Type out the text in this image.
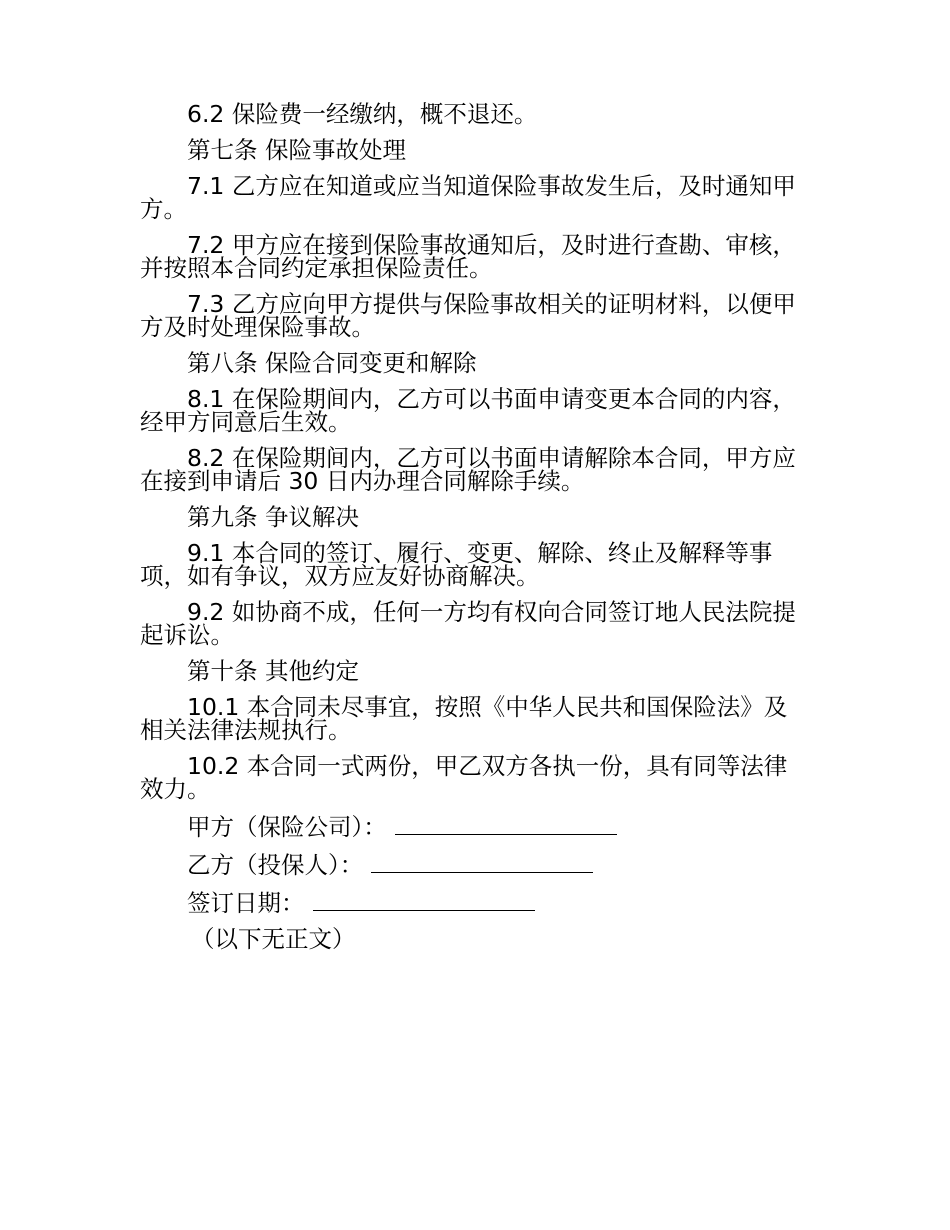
6.2 保险费一经缴纳，概不退还。

第七条 保险事故处理

7.1 乙方应在知道或应当知道保险事故发生后，及时通知甲方。

7.2 甲方应在接到保险事故通知后，及时进行查勘、审核，并按照本合同约定承担保险责任。

7.3 乙方应向甲方提供与保险事故相关的证明材料，以便甲方及时处理保险事故。

第八条 保险合同变更和解除

8.1 在保险期间内，乙方可以书面申请变更本合同的内容，经甲方同意后生效。

8.2 在保险期间内，乙方可以书面申请解除本合同，甲方应在接到申请后 30 日内办理合同解除手续。

第九条 争议解决

9.1 本合同的签订、履行、变更、解除、终止及解释等事项，如有争议，双方应友好协商解决。

9.2 如协商不成，任何一方均有权向合同签订地人民法院提起诉讼。

第十条 其他约定

10.1 本合同未尽事宜，按照《中华人民共和国保险法》及相关法律法规执行。

10.2 本合同一式两份，甲乙双方各执一份，具有同等法律效力。

甲方（保险公司）：
乙方（投保人）：
签订日期：

（以下无正文）
